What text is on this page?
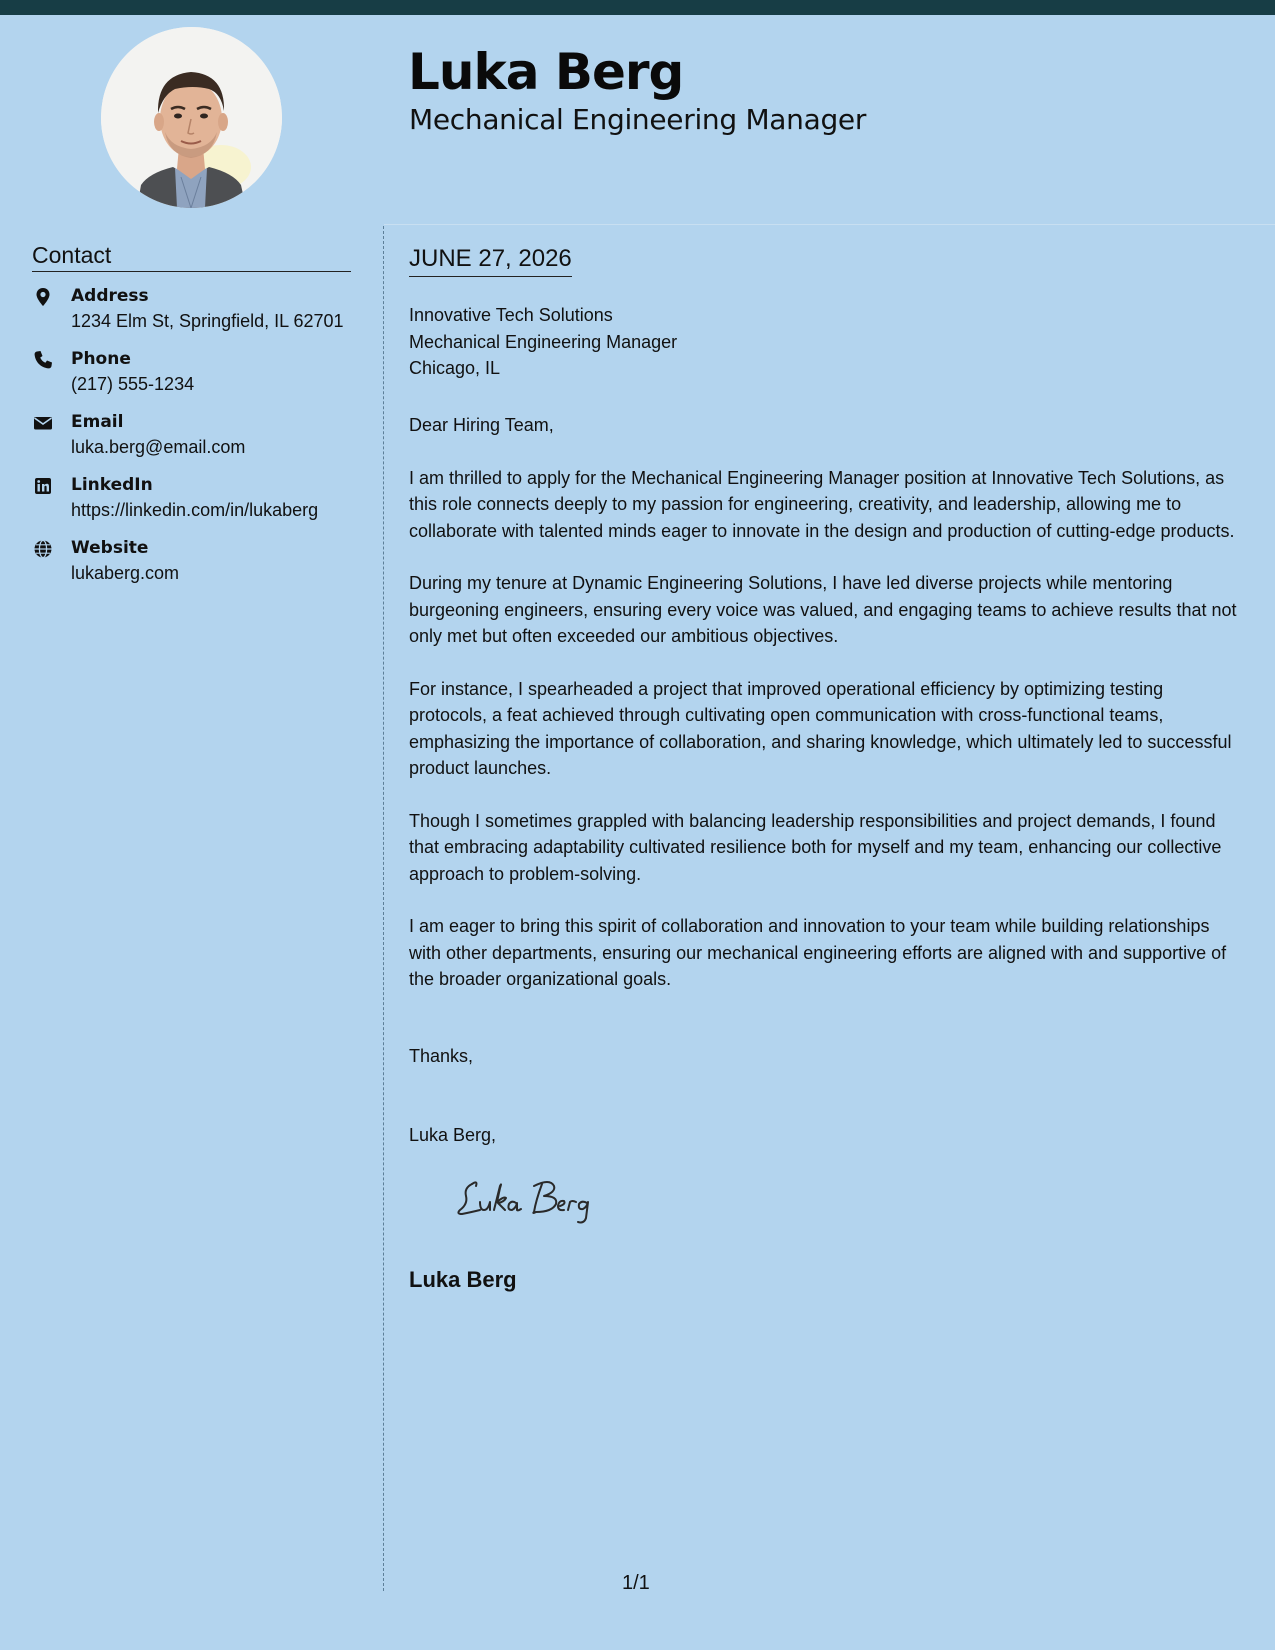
Luka Berg
Mechanical Engineering Manager
Contact
Address
1234 Elm St, Springfield, IL 62701
Phone
(217) 555-1234
Email
luka.berg@email.com
LinkedIn
https://linkedin.com/in/lukaberg
Website
lukaberg.com
JUNE 27, 2026
Innovative Tech Solutions
Mechanical Engineering Manager
Chicago, IL

Dear Hiring Team,

I am thrilled to apply for the Mechanical Engineering Manager position at Innovative Tech Solutions, as this role connects deeply to my passion for engineering, creativity, and leadership, allowing me to collaborate with talented minds eager to innovate in the design and production of cutting-edge products.

During my tenure at Dynamic Engineering Solutions, I have led diverse projects while mentoring burgeoning engineers, ensuring every voice was valued, and engaging teams to achieve results that not only met but often exceeded our ambitious objectives.

For instance, I spearheaded a project that improved operational efficiency by optimizing testing protocols, a feat achieved through cultivating open communication with cross-functional teams, emphasizing the importance of collaboration, and sharing knowledge, which ultimately led to successful product launches.

Though I sometimes grappled with balancing leadership responsibilities and project demands, I found that embracing adaptability cultivated resilience both for myself and my team, enhancing our collective approach to problem-solving.

I am eager to bring this spirit of collaboration and innovation to your team while building relationships with other departments, ensuring our mechanical engineering efforts are aligned with and supportive of the broader organizational goals.

Thanks,
Luka Berg,
Luka Berg
1/1
